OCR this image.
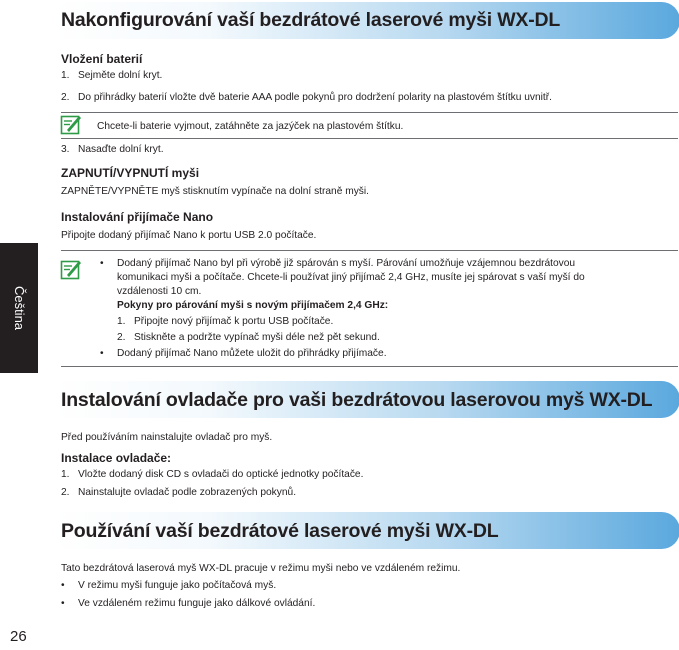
Čeština
Nakonfigurování vaší bezdrátové laserové myši WX-DL
Vložení baterií
1. Sejměte dolní kryt.
2. Do přihrádky baterií vložte dvě baterie AAA podle pokynů pro dodržení polarity na plastovém štítku uvnitř.
Chcete-li baterie vyjmout, zatáhněte za jazýček na plastovém štítku.
3. Nasaďte dolní kryt.
ZAPNUTÍ/VYPNUTÍ myši
ZAPNĚTE/VYPNĚTE myš stisknutím vypínače na dolní straně myši.
Instalování přijímače Nano
Připojte dodaný přijímač Nano k portu USB 2.0 počítače.
• Dodaný přijímač Nano byl při výrobě již spárován s myší. Párování umožňuje vzájemnou bezdrátovou
komunikaci myši a počítače. Chcete-li používat jiný přijímač 2,4 GHz, musíte jej spárovat s vaší myší do
vzdálenosti 10 cm.
Pokyny pro párování myši s novým přijímačem 2,4 GHz:
1. Připojte nový přijímač k portu USB počítače.
2. Stiskněte a podržte vypínač myši déle než pět sekund.
• Dodaný přijímač Nano můžete uložit do přihrádky přijímače.
Instalování ovladače pro vaši bezdrátovou laserovou myš WX-DL
Před používáním nainstalujte ovladač pro myš.
Instalace ovladače:
1. Vložte dodaný disk CD s ovladači do optické jednotky počítače.
2. Nainstalujte ovladač podle zobrazených pokynů.
Používání vaší bezdrátové laserové myši WX-DL
Tato bezdrátová laserová myš WX-DL pracuje v režimu myši nebo ve vzdáleném režimu.
• V režimu myši funguje jako počítačová myš.
• Ve vzdáleném režimu funguje jako dálkové ovládání.
26
